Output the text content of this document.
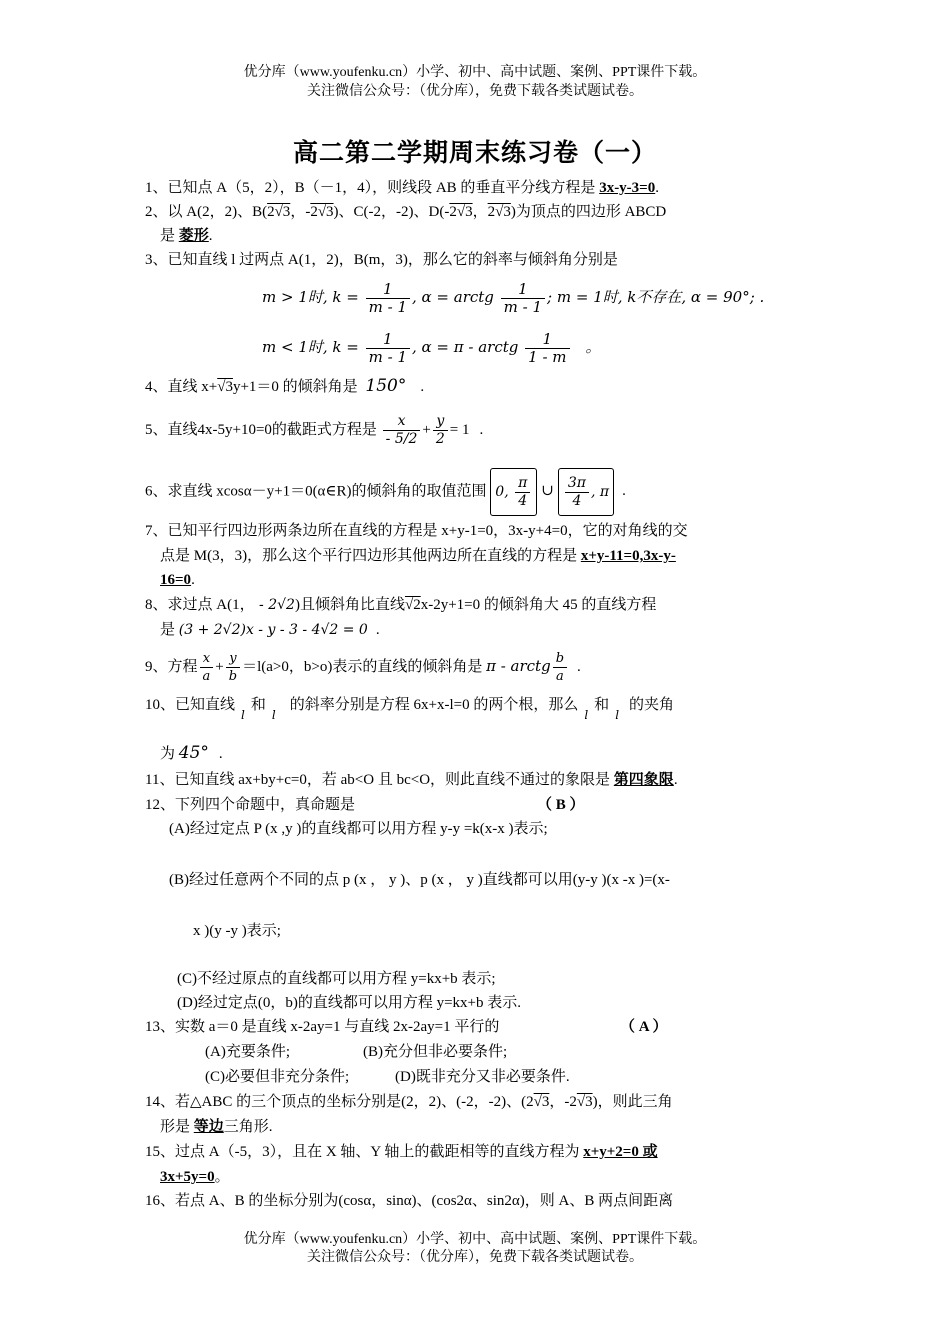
优分库（www.youfenku.cn）小学、初中、高中试题、案例、PPT课件下载。
关注微信公众号：（优分库），免费下载各类试题试卷。
高二第二学期周末练习卷（一）
1、已知点 A（5，2），B（－1，4），则线段 AB 的垂直平分线方程是 3x-y-3=0.
2、以 A(2，2)、B(2√3，-2√3)、C(-2，-2)、D(-2√3，2√3)为顶点的四边形 ABCD
是 菱形.
3、已知直线 l 过两点 A(1，2)，B(m，3)，那么它的斜率与倾斜角分别是
m > 1时, $k = \frac{1}{m - 1}$ , α = arctg $\frac{1}{m - 1}$ ; m = 1时, k不存在, α = 90°; .
m < 1时, $k = \frac{1}{m - 1}$ , α = π - arctg $\frac{1}{1 - m}$ 。
4、直线 x+√3y+1＝0 的倾斜角是 150° .
5、直线4x-5y+10=0的截距式方程是 $\frac{x}{- 5/2} + \frac{y}{2} = 1$ .
6、求直线 xcosα－y+1＝0(α∈R)的倾斜角的取值范围 0, $\frac{\pi}{4}$ ∪ $\frac{3\pi}{4}$ , π .
7、已知平行四边形两条边所在直线的方程是 x+y-1=0，3x-y+4=0，它的对角线的交
点是 M(3，3)，那么这个平行四边形其他两边所在直线的方程是 x+y-11=0,3x-y-
16=0.
8、求过点 A(1， - 2√2)且倾斜角比直线√2x-2y+1=0 的倾斜角大 45 的直线方程
是 (3 + 2√2)x - y - 3 - 4√2 = 0 .
9、方程 $\frac{x}{a} + \frac{y}{b} =l(a>0$，b>o)表示的直线的倾斜角是 π - arctg $\frac{b}{a}$ .
10、已知直线$_l$和$_l$的斜率分别是方程 6x+x-l=0 的两个根，那么$_l$和$_l$的夹角
为 45° .
11、已知直线 ax+by+c=0，若 ab<O 且 bc<O，则此直线不通过的象限是 第四象限.
12、下列四个命题中，真命题是	（ B ）
(A)经过定点 P (x ,y )的直线都可以用方程 y-y =k(x-x )表示;
(B)经过任意两个不同的点 p (x ， y )、p (x ， y )直线都可以用(y-y )(x -x )=(x-
x )(y -y )表示;
(C)不经过原点的直线都可以用方程 y=kx+b 表示;
(D)经过定点(0，b)的直线都可以用方程 y=kx+b 表示.
13、实数 a＝0 是直线 x-2ay=1 与直线 2x-2ay=1 平行的	（ A ）
(A)充要条件;	(B)充分但非必要条件;
(C)必要但非充分条件;	(D)既非充分又非必要条件.
14、若△ABC 的三个顶点的坐标分别是(2，2)、(-2，-2)、(2√3，-2√3)，则此三角
形是 等边三角形.
15、过点 A（-5，3），且在 X 轴、Y 轴上的截距相等的直线方程为 x+y+2=0 或
3x+5y=0。
16、若点 A、B 的坐标分别为(cosα，sinα)、(cos2α、sin2α)，则 A、B 两点间距离
优分库（www.youfenku.cn）小学、初中、高中试题、案例、PPT课件下载。
关注微信公众号：（优分库），免费下载各类试题试卷。
